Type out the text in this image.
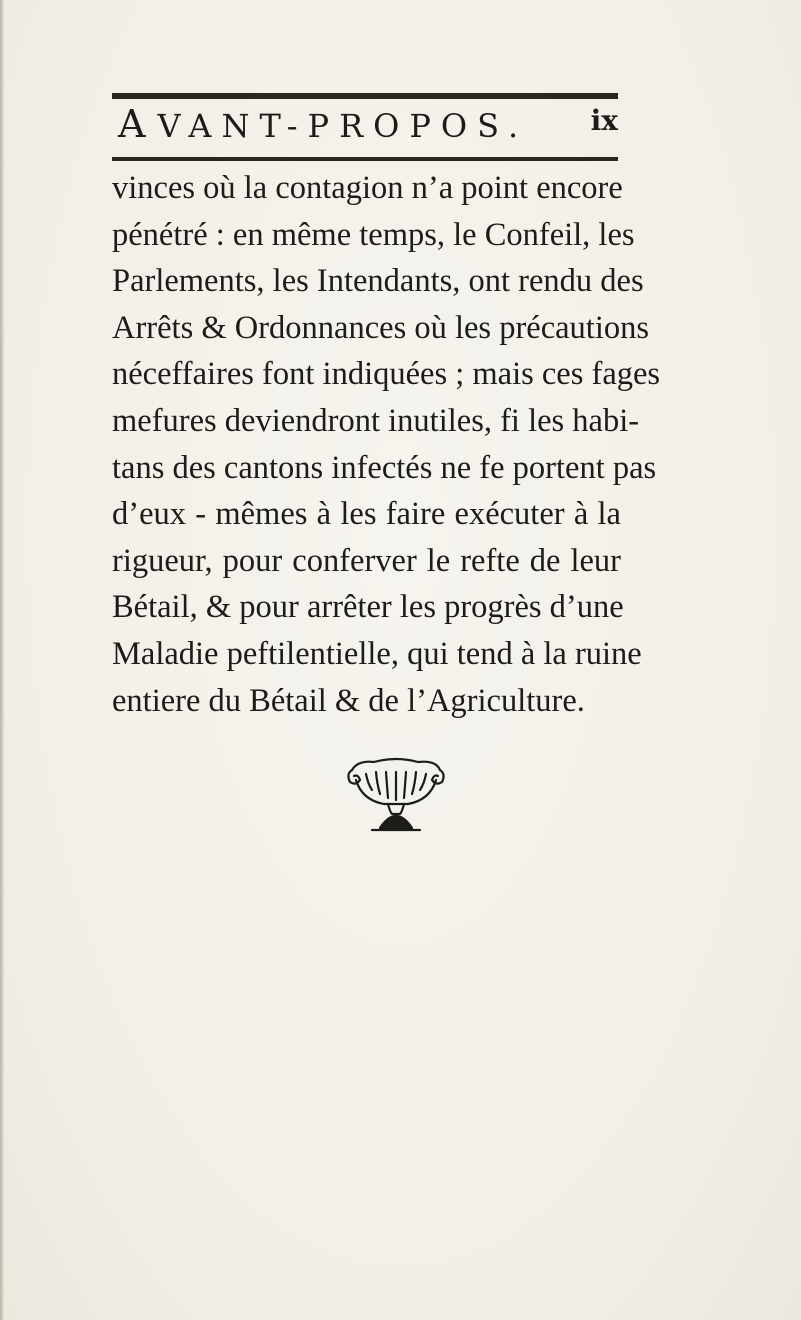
AVANT-PROPOS. ix
vinces où la contagion n’a point encore
pénétré : en même temps, le Confeil, les
Parlements, les Intendants, ont rendu des
Arrêts & Ordonnances où les précautions
néceffaires font indiquées ; mais ces fages
mefures deviendront inutiles, fi les habi-
tans des cantons infectés ne fe portent pas
d’eux - mêmes à les faire exécuter à la
rigueur, pour conferver le refte de leur
Bétail, & pour arrêter les progrès d’une
Maladie peftilentielle, qui tend à la ruine
entiere du Bétail & de l’Agriculture.
